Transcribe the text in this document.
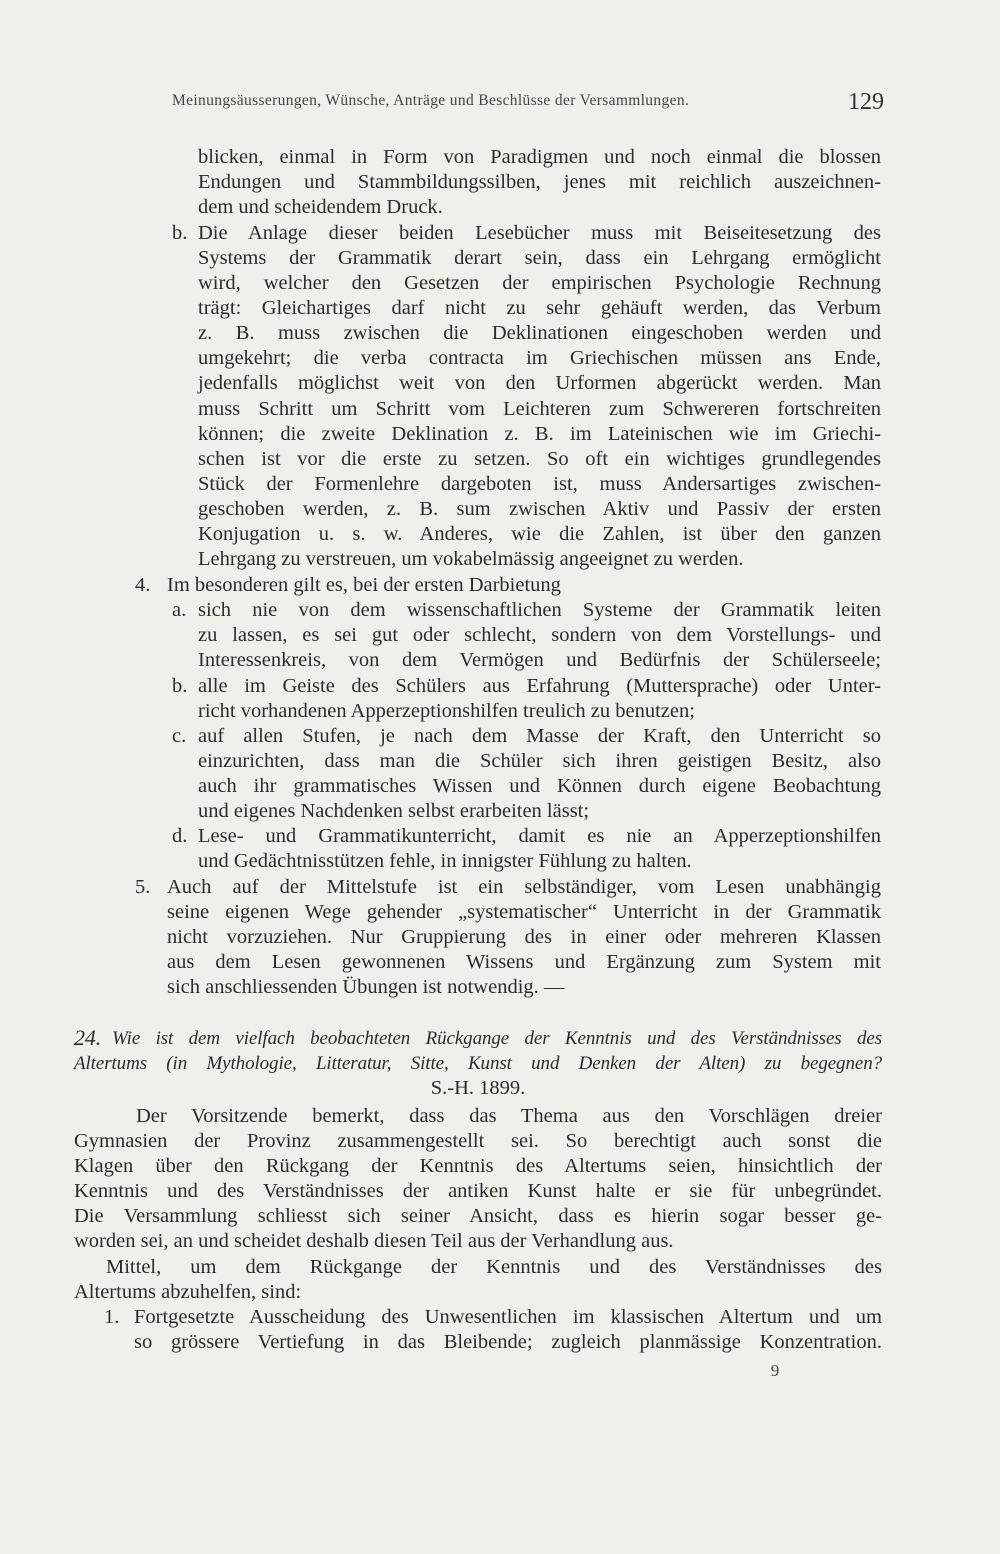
Meinungsäusserungen, Wünsche, Anträge und Beschlüsse der Versammlungen.	129
blicken, einmal in Form von Paradigmen und noch einmal die blossen
Endungen und Stammbildungssilben, jenes mit reichlich auszeichnen-
dem und scheidendem Druck.
b. Die Anlage dieser beiden Lesebücher muss mit Beiseitesetzung des
Systems der Grammatik derart sein, dass ein Lehrgang ermöglicht
wird, welcher den Gesetzen der empirischen Psychologie Rechnung
trägt: Gleichartiges darf nicht zu sehr gehäuft werden, das Verbum
z. B. muss zwischen die Deklinationen eingeschoben werden und
umgekehrt; die verba contracta im Griechischen müssen ans Ende,
jedenfalls möglichst weit von den Urformen abgerückt werden. Man
muss Schritt um Schritt vom Leichteren zum Schwereren fortschreiten
können; die zweite Deklination z. B. im Lateinischen wie im Griechi-
schen ist vor die erste zu setzen. So oft ein wichtiges grundlegendes
Stück der Formenlehre dargeboten ist, muss Andersartiges zwischen-
geschoben werden, z. B. sum zwischen Aktiv und Passiv der ersten
Konjugation u. s. w. Anderes, wie die Zahlen, ist über den ganzen
Lehrgang zu verstreuen, um vokabelmässig angeeignet zu werden.
4. Im besonderen gilt es, bei der ersten Darbietung
a. sich nie von dem wissenschaftlichen Systeme der Grammatik leiten
zu lassen, es sei gut oder schlecht, sondern von dem Vorstellungs- und
Interessenkreis, von dem Vermögen und Bedürfnis der Schülerseele;
b. alle im Geiste des Schülers aus Erfahrung (Muttersprache) oder Unter-
richt vorhandenen Apperzeptionshilfen treulich zu benutzen;
c. auf allen Stufen, je nach dem Masse der Kraft, den Unterricht so
einzurichten, dass man die Schüler sich ihren geistigen Besitz, also
auch ihr grammatisches Wissen und Können durch eigene Beobachtung
und eigenes Nachdenken selbst erarbeiten lässt;
d. Lese- und Grammatikunterricht, damit es nie an Apperzeptionshilfen
und Gedächtnisstützen fehle, in innigster Fühlung zu halten.
5. Auch auf der Mittelstufe ist ein selbständiger, vom Lesen unabhängig
seine eigenen Wege gehender „systematischer“ Unterricht in der Grammatik
nicht vorzuziehen. Nur Gruppierung des in einer oder mehreren Klassen
aus dem Lesen gewonnenen Wissens und Ergänzung zum System mit
sich anschliessenden Übungen ist notwendig. —
24. Wie ist dem vielfach beobachteten Rückgange der Kenntnis und des Verständnisses des
Altertums (in Mythologie, Litteratur, Sitte, Kunst und Denken der Alten) zu begegnen?
S.-H. 1899.
Der Vorsitzende bemerkt, dass das Thema aus den Vorschlägen dreier
Gymnasien der Provinz zusammengestellt sei. So berechtigt auch sonst die
Klagen über den Rückgang der Kenntnis des Altertums seien, hinsichtlich der
Kenntnis und des Verständnisses der antiken Kunst halte er sie für unbegründet.
Die Versammlung schliesst sich seiner Ansicht, dass es hierin sogar besser ge-
worden sei, an und scheidet deshalb diesen Teil aus der Verhandlung aus.
Mittel, um dem Rückgange der Kenntnis und des Verständnisses des
Altertums abzuhelfen, sind:
1. Fortgesetzte Ausscheidung des Unwesentlichen im klassischen Altertum und um
so grössere Vertiefung in das Bleibende; zugleich planmässige Konzentration.
9
